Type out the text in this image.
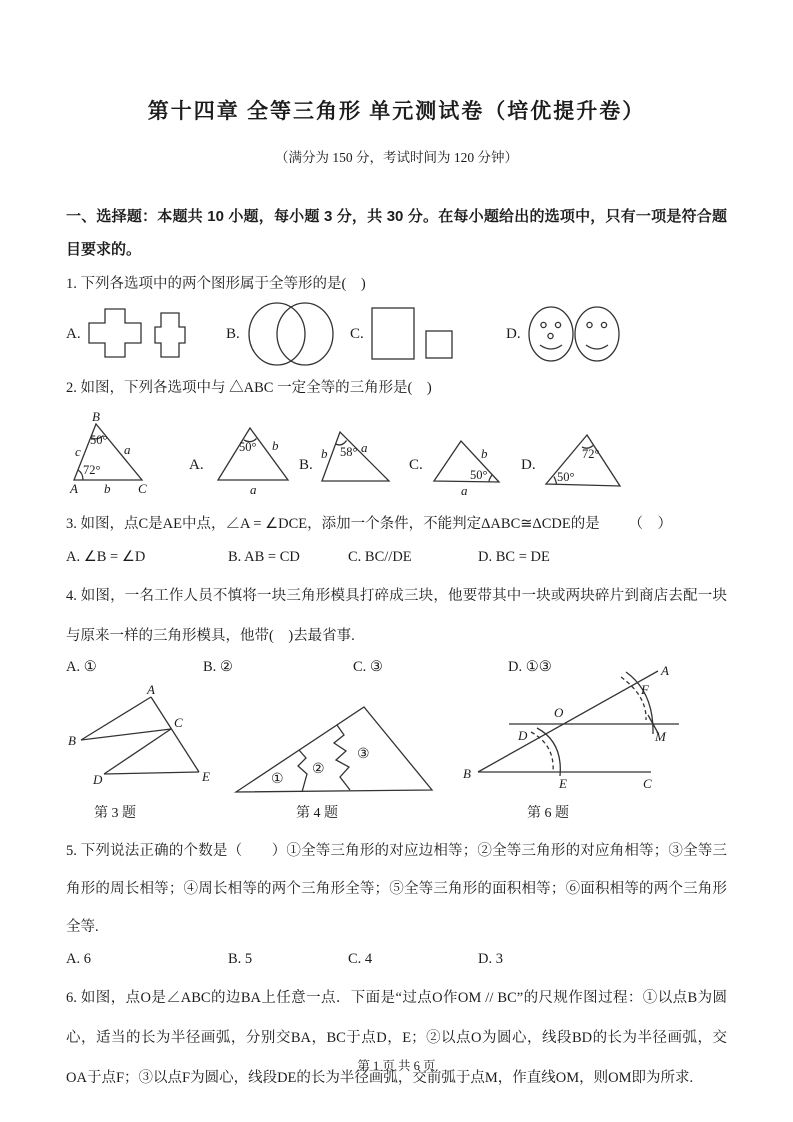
第十四章 全等三角形 单元测试卷（培优提升卷）
（满分为 150 分，考试时间为 120 分钟）
一、选择题：本题共 10 小题，每小题 3 分，共 30 分。在每小题给出的选项中，只有一项是符合题目要求的。
1. 下列各选项中的两个图形属于全等形的是(　)
A.	B.	C.	D.
2. 如图，下列各选项中与 △ABC 一定全等的三角形是(　)
B
50°
c	a
72°
A b C
A.
50° b
a
B.
58°
b	a
C.
b
50°
a
D.
72°
50°
3. 如图，点C是AE中点，∠A = ∠DCE，添加一个条件，不能判定ΔABC≅ΔCDE的是 （　）
A. ∠B = ∠D	B. AB = CD	C. BC//DE	D. BC = DE
4. 如图，一名工作人员不慎将一块三角形模具打碎成三块，他要带其中一块或两块碎片到商店去配一块与原来一样的三角形模具，他带(　)去最省事.
A. ①	B. ②	C. ③	D. ①③
A
B
C
D	E
第 3 题
①
②
③
第 4 题
A
F
O
M
D
B
E	C
第 6 题
5. 下列说法正确的个数是（　　）①全等三角形的对应边相等；②全等三角形的对应角相等；③全等三角形的周长相等；④周长相等的两个三角形全等；⑤全等三角形的面积相等；⑥面积相等的两个三角形全等.
A. 6	B. 5	C. 4	D. 3
6. 如图，点O是∠ABC的边BA上任意一点．下面是“过点O作OM // BC”的尺规作图过程：①以点B为圆心，适当的长为半径画弧，分别交BA，BC于点D，E；②以点O为圆心，线段BD的长为半径画弧，交OA于点F；③以点F为圆心，线段DE的长为半径画弧，交前弧于点M，作直线OM，则OM即为所求.
第 1 页 共 6 页
